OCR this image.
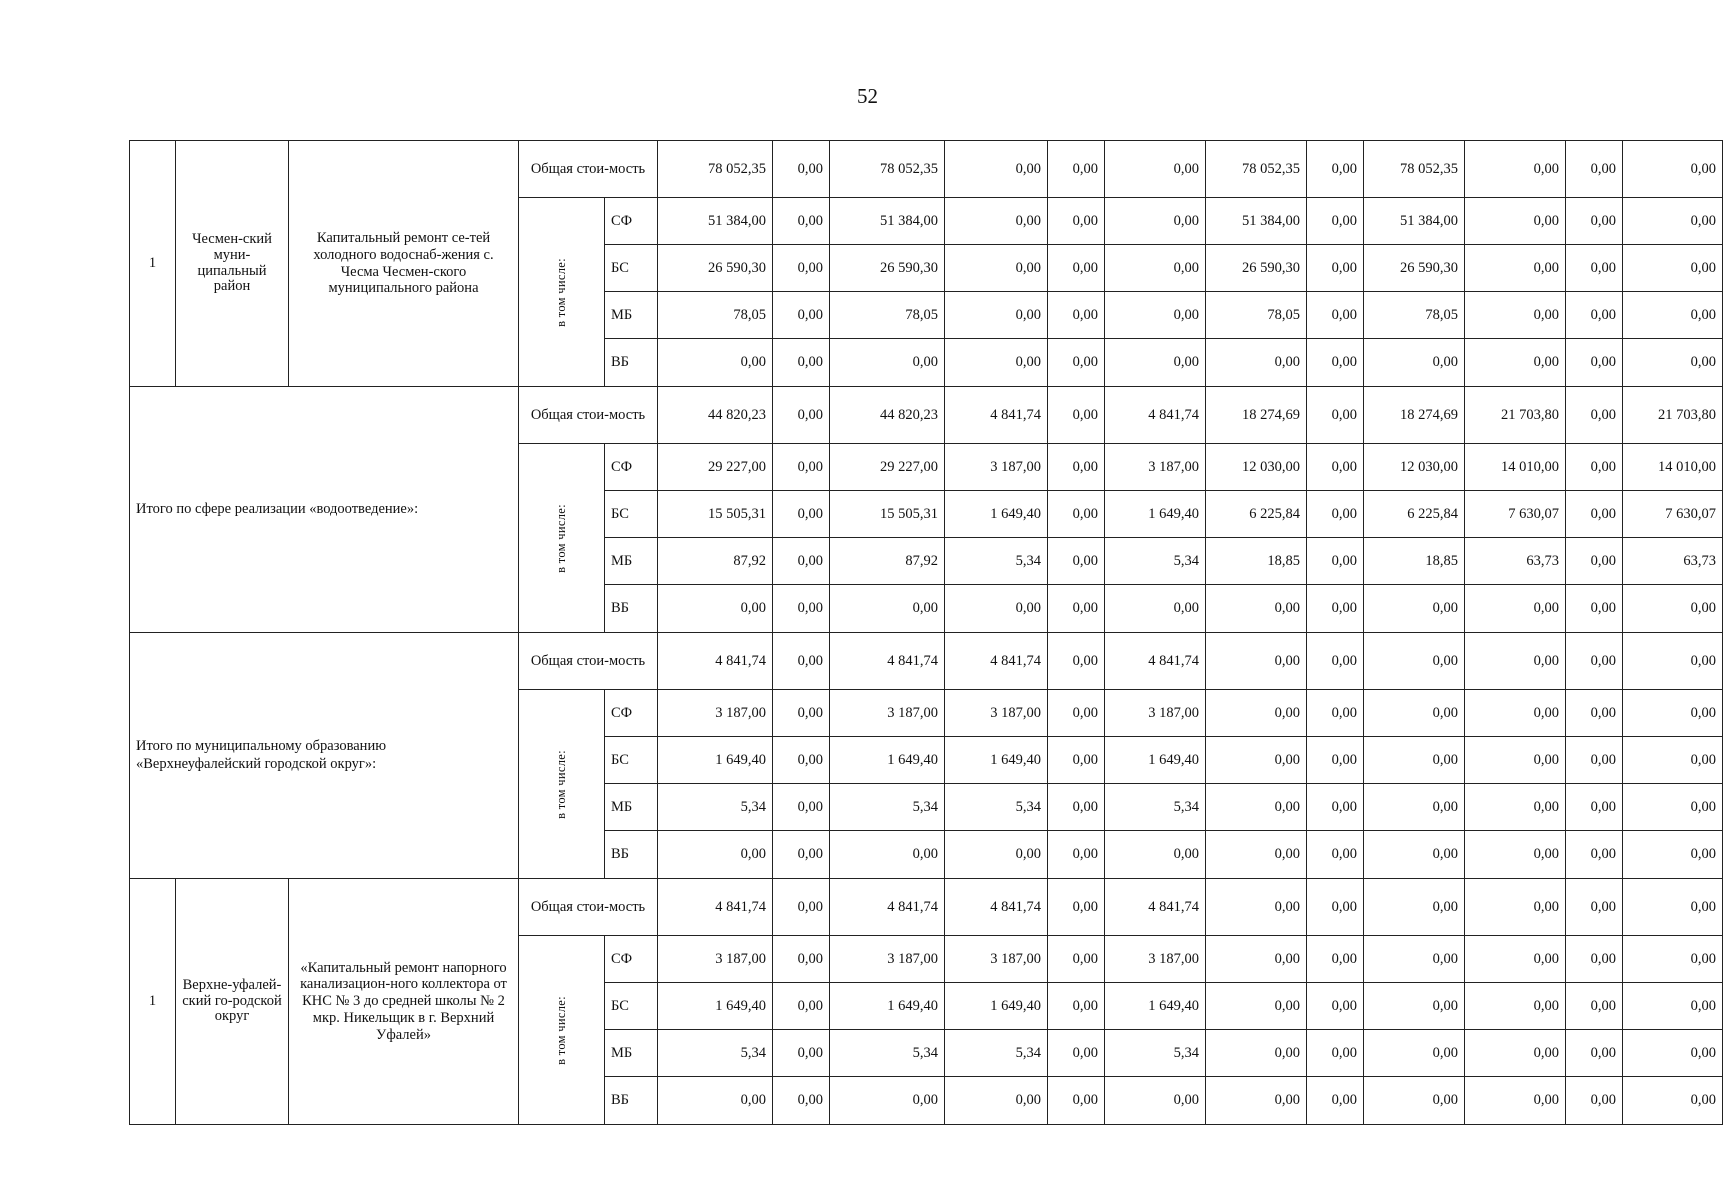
52
1	Чесмен-ский муни-ципальный район	Капитальный ремонт се-тей холодного водоснаб-жения с. Чесма Чесмен-ского муниципального района	Общая стои-мость		78 052,35	0,00	78 052,35	0,00	0,00	0,00	78 052,35	0,00	78 052,35	0,00	0,00	0,00
			в том числе:	СФ	51 384,00	0,00	51 384,00	0,00	0,00	0,00	51 384,00	0,00	51 384,00	0,00	0,00	0,00
				БС	26 590,30	0,00	26 590,30	0,00	0,00	0,00	26 590,30	0,00	26 590,30	0,00	0,00	0,00
				МБ	78,05	0,00	78,05	0,00	0,00	0,00	78,05	0,00	78,05	0,00	0,00	0,00
				ВБ	0,00	0,00	0,00	0,00	0,00	0,00	0,00	0,00	0,00	0,00	0,00	0,00
Итого по сфере реализации «водоотведение»:			Общая стои-мость		44 820,23	0,00	44 820,23	4 841,74	0,00	4 841,74	18 274,69	0,00	18 274,69	21 703,80	0,00	21 703,80
			в том числе:	СФ	29 227,00	0,00	29 227,00	3 187,00	0,00	3 187,00	12 030,00	0,00	12 030,00	14 010,00	0,00	14 010,00
				БС	15 505,31	0,00	15 505,31	1 649,40	0,00	1 649,40	6 225,84	0,00	6 225,84	7 630,07	0,00	7 630,07
				МБ	87,92	0,00	87,92	5,34	0,00	5,34	18,85	0,00	18,85	63,73	0,00	63,73
				ВБ	0,00	0,00	0,00	0,00	0,00	0,00	0,00	0,00	0,00	0,00	0,00	0,00
Итого по муниципальному образованию «Верхнеуфалейский городской округ»:			Общая стои-мость		4 841,74	0,00	4 841,74	4 841,74	0,00	4 841,74	0,00	0,00	0,00	0,00	0,00	0,00
			в том числе:	СФ	3 187,00	0,00	3 187,00	3 187,00	0,00	3 187,00	0,00	0,00	0,00	0,00	0,00	0,00
				БС	1 649,40	0,00	1 649,40	1 649,40	0,00	1 649,40	0,00	0,00	0,00	0,00	0,00	0,00
				МБ	5,34	0,00	5,34	5,34	0,00	5,34	0,00	0,00	0,00	0,00	0,00	0,00
				ВБ	0,00	0,00	0,00	0,00	0,00	0,00	0,00	0,00	0,00	0,00	0,00	0,00
1	Верхне-уфалей-ский го-родской округ	«Капитальный ремонт напорного канализацион-ного коллектора от КНС № 3 до средней школы № 2 мкр. Никельщик в г. Верхний Уфалей»	Общая стои-мость		4 841,74	0,00	4 841,74	4 841,74	0,00	4 841,74	0,00	0,00	0,00	0,00	0,00	0,00
			в том числе:	СФ	3 187,00	0,00	3 187,00	3 187,00	0,00	3 187,00	0,00	0,00	0,00	0,00	0,00	0,00
				БС	1 649,40	0,00	1 649,40	1 649,40	0,00	1 649,40	0,00	0,00	0,00	0,00	0,00	0,00
				МБ	5,34	0,00	5,34	5,34	0,00	5,34	0,00	0,00	0,00	0,00	0,00	0,00
				ВБ	0,00	0,00	0,00	0,00	0,00	0,00	0,00	0,00	0,00	0,00	0,00	0,00
